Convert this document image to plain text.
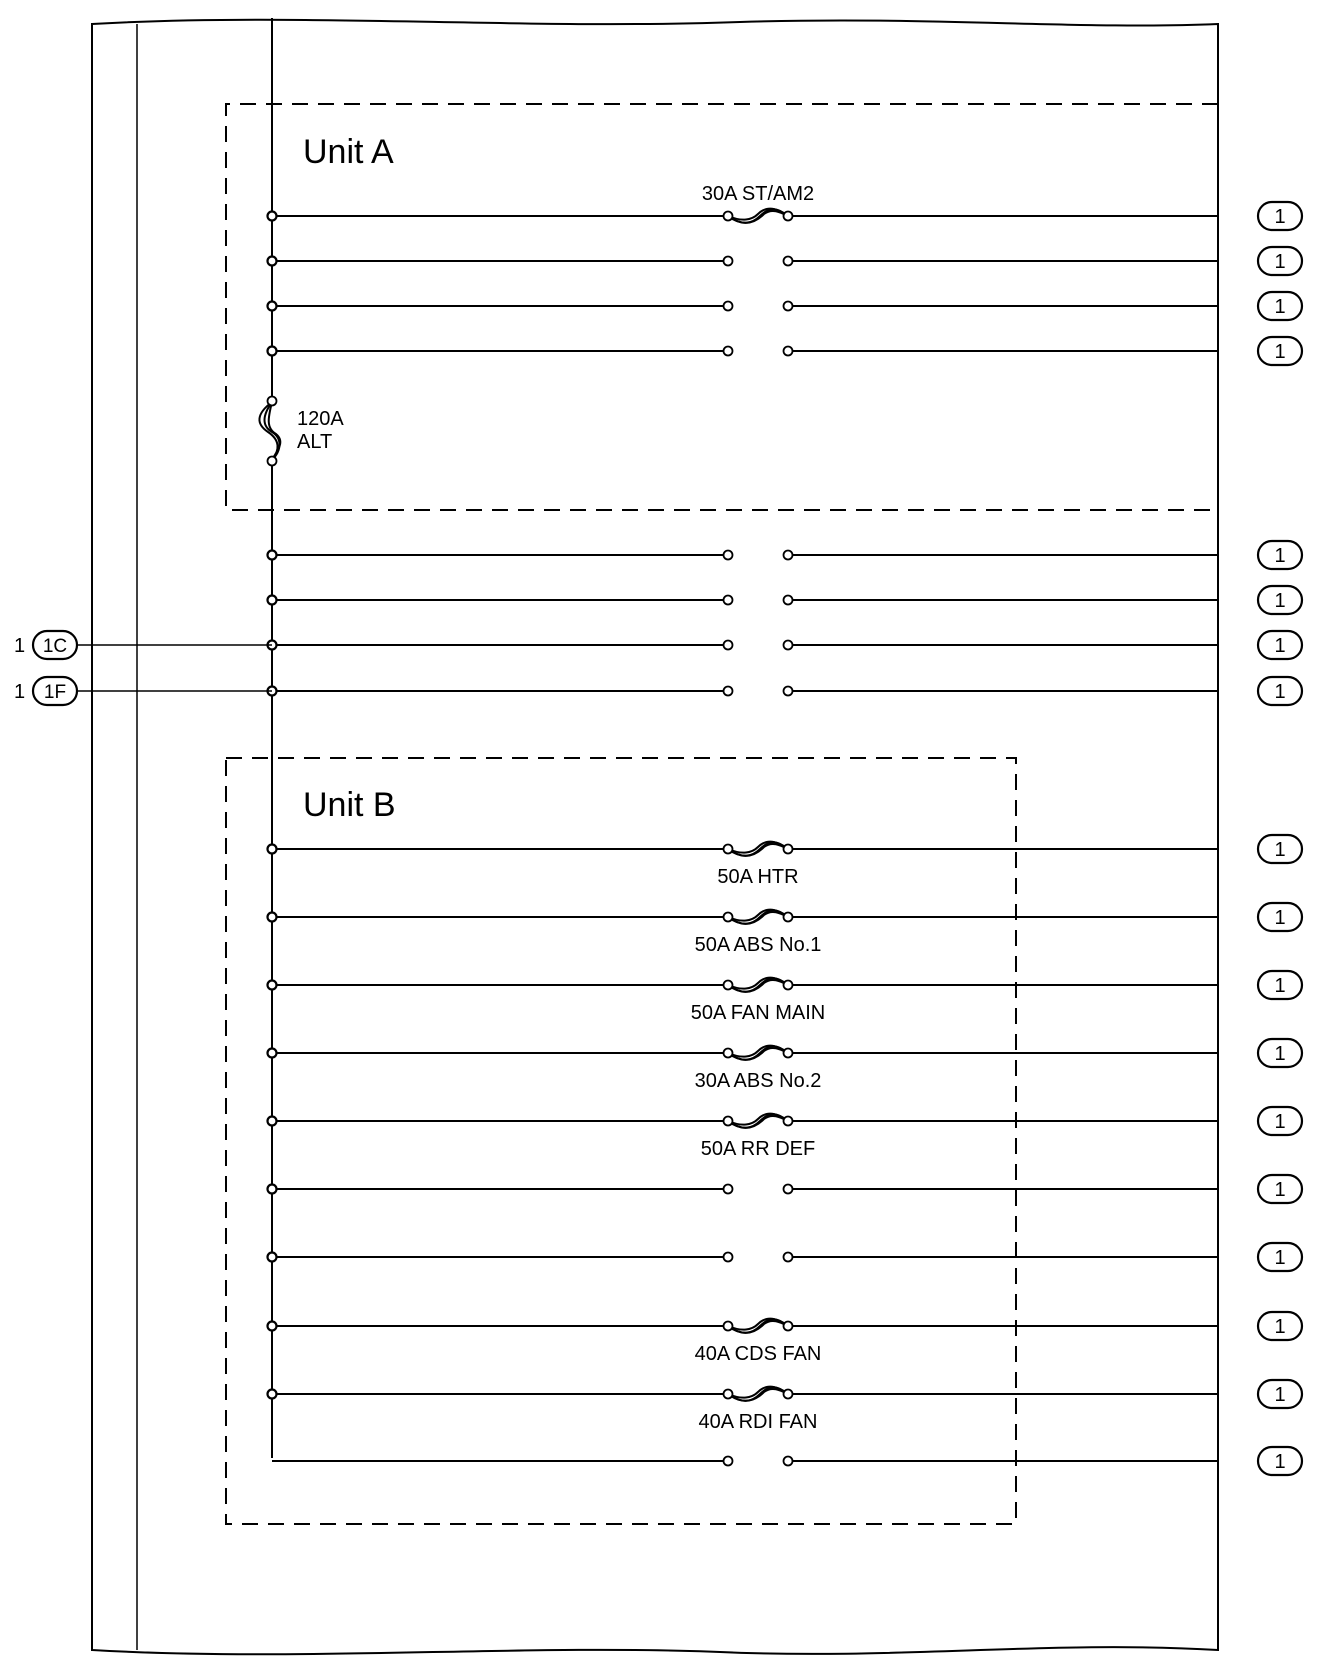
Unit A
Unit B
120A
ALT
30A ST/AM2
1
1
1
1
1
1
1
1 1C
1
1 1F
50A HTR
1
50A ABS No.1
1
50A FAN MAIN
1
30A ABS No.2
1
50A RR DEF
1
1
1
40A CDS FAN
1
40A RDI FAN
1
1
